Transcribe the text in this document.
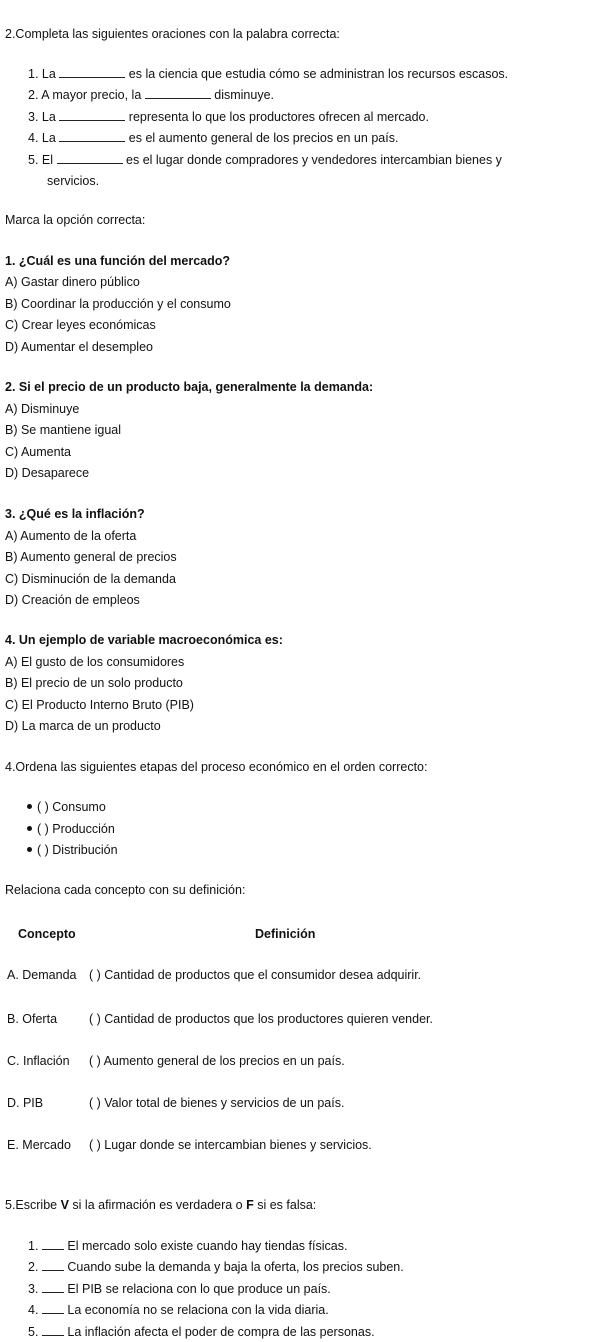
2.Completa las siguientes oraciones con la palabra correcta:
1. La	es la ciencia que estudia cómo se administran los recursos escasos.
2. A mayor precio, la	disminuye.
3. La	representa lo que los productores ofrecen al mercado.
4. La	es el aumento general de los precios en un país.
5. El	es el lugar donde compradores y vendedores intercambian bienes y
servicios.
Marca la opción correcta:
1. ¿Cuál es una función del mercado?
A) Gastar dinero público
B) Coordinar la producción y el consumo
C) Crear leyes económicas
D) Aumentar el desempleo
2. Si el precio de un producto baja, generalmente la demanda:
A) Disminuye
B) Se mantiene igual
C) Aumenta
D) Desaparece
3. ¿Qué es la inflación?
A) Aumento de la oferta
B) Aumento general de precios
C) Disminución de la demanda
D) Creación de empleos
4. Un ejemplo de variable macroeconómica es:
A) El gusto de los consumidores
B) El precio de un solo producto
C) El Producto Interno Bruto (PIB)
D) La marca de un producto
4.Ordena las siguientes etapas del proceso económico en el orden correcto:
( ) Consumo
( ) Producción
( ) Distribución
Relaciona cada concepto con su definición:
Concepto	Definición
A. Demanda ( ) Cantidad de productos que el consumidor desea adquirir.
B. Oferta	( ) Cantidad de productos que los productores quieren vender.
C. Inflación ( ) Aumento general de los precios en un país.
D. PIB	( ) Valor total de bienes y servicios de un país.
E. Mercado ( ) Lugar donde se intercambian bienes y servicios.
5.Escribe V si la afirmación es verdadera o F si es falsa:
1. El mercado solo existe cuando hay tiendas físicas.
2. Cuando sube la demanda y baja la oferta, los precios suben.
3. El PIB se relaciona con lo que produce un país.
4. La economía no se relaciona con la vida diaria.
5. La inflación afecta el poder de compra de las personas.
